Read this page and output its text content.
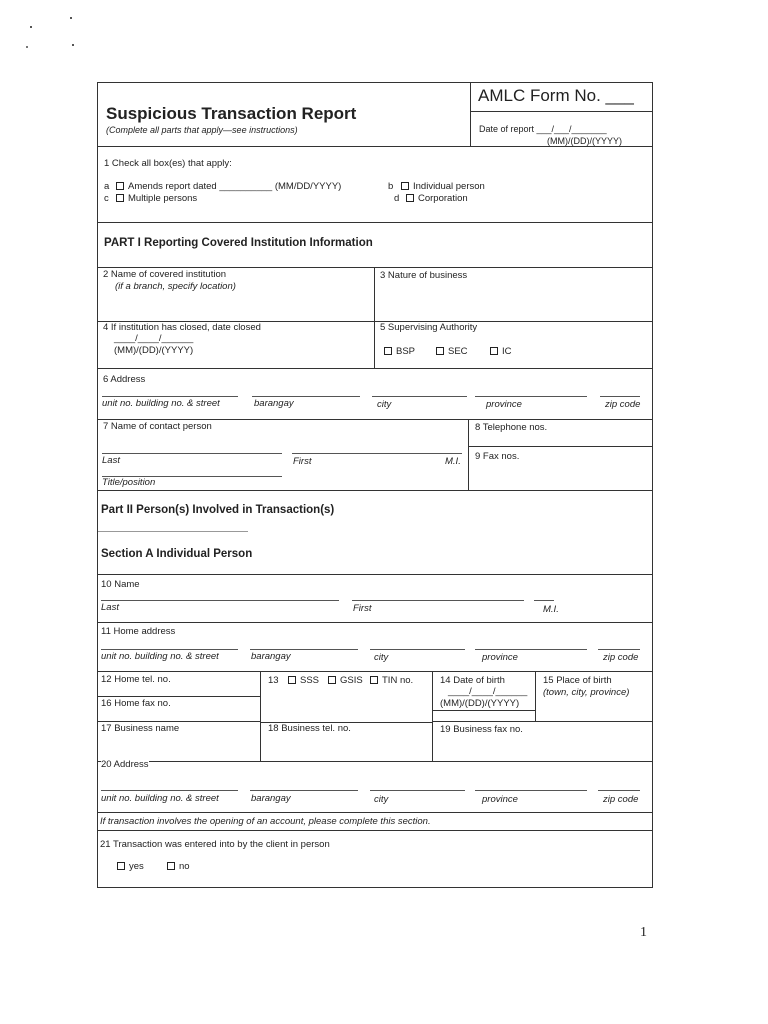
AMLC Form No. ___
Suspicious Transaction Report
(Complete all parts that apply—see instructions)	Date of report ___/___/_______
(MM)/(DD)/(YYYY)
1 Check all box(es) that apply:
a	Amends report dated __________ (MM/DD/YYYY)
c	Multiple persons
b	Individual person
d	Corporation
PART I Reporting Covered Institution Information
2 Name of covered institution
(if a branch, specify location)
3 Nature of business
4 If institution has closed, date closed
____/____/______
(MM)/(DD)/(YYYY)
5 Supervising Authority
BSP	SEC	IC
6 Address
unit no. building no. & street	barangay	city	province	zip code
7 Name of contact person	8 Telephone nos.
9 Fax nos.
Last	First	M.I.
Title/position
Part II Person(s) Involved in Transaction(s)
Section A Individual Person
10 Name
Last	First	M.I.
11 Home address
unit no. building no. & street	barangay	city	province	zip code
12 Home tel. no.	13	SSS	GSIS	TIN no.	14 Date of birth
____/____/______
(MM)/(DD)/(YYYY)
15 Place of birth
(town, city, province)
16 Home fax no.
17 Business name	18 Business tel. no.	19 Business fax no.
20 Address
unit no. building no. & street	barangay	city	province	zip code
If transaction involves the opening of an account, please complete this section.
21 Transaction was entered into by the client in person
yes	no
1
